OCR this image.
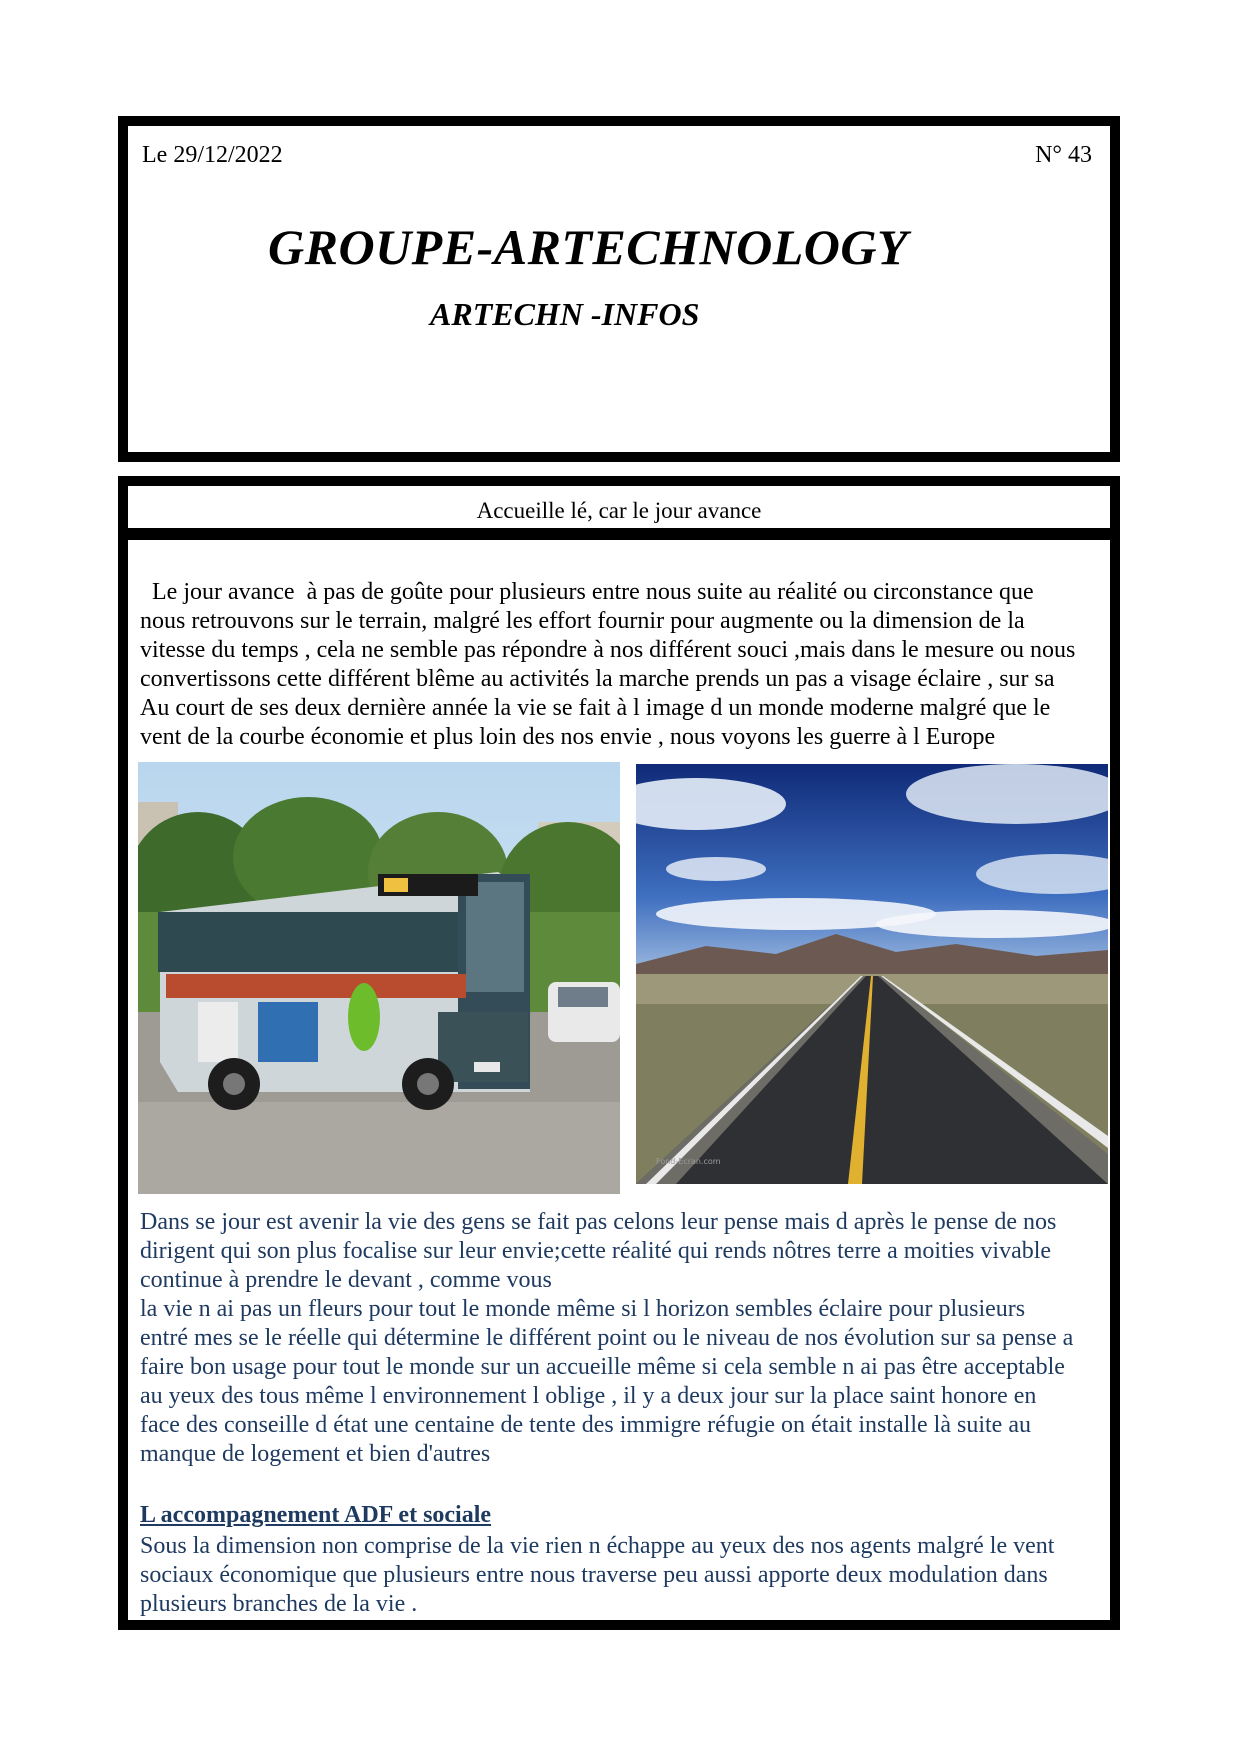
Le 29/12/2022	N° 43
GROUPE-ARTECHNOLOGY
ARTECHN -INFOS
Accueille lé, car le jour avance
Le jour avance  à pas de goûte pour plusieurs entre nous suite au réalité ou circonstance que
nous retrouvons sur le terrain, malgré les effort fournir pour augmente ou la dimension de la
vitesse du temps , cela ne semble pas répondre à nos différent souci ,mais dans le mesure ou nous
convertissons cette différent blême au activités la marche prends un pas a visage éclaire , sur sa
Au court de ses deux dernière année la vie se fait à l image d un monde moderne malgré que le
vent de la courbe économie et plus loin des nos envie , nous voyons les guerre à l Europe
Fond-Ecran.com
Dans se jour est avenir la vie des gens se fait pas celons leur pense mais d après le pense de nos
dirigent qui son plus focalise sur leur envie;cette réalité qui rends nôtres terre a moities vivable
continue à prendre le devant , comme vous
la vie n ai pas un fleurs pour tout le monde même si l horizon sembles éclaire pour plusieurs
entré mes se le réelle qui détermine le différent point ou le niveau de nos évolution sur sa pense a
faire bon usage pour tout le monde sur un accueille même si cela semble n ai pas être acceptable
au yeux des tous même l environnement l oblige , il y a deux jour sur la place saint honore en
face des conseille d état une centaine de tente des immigre réfugie on était installe là suite au
manque de logement et bien d'autres
L accompagnement ADF et sociale
Sous la dimension non comprise de la vie rien n échappe au yeux des nos agents malgré le vent
sociaux économique que plusieurs entre nous traverse peu aussi apporte deux modulation dans
plusieurs branches de la vie .
